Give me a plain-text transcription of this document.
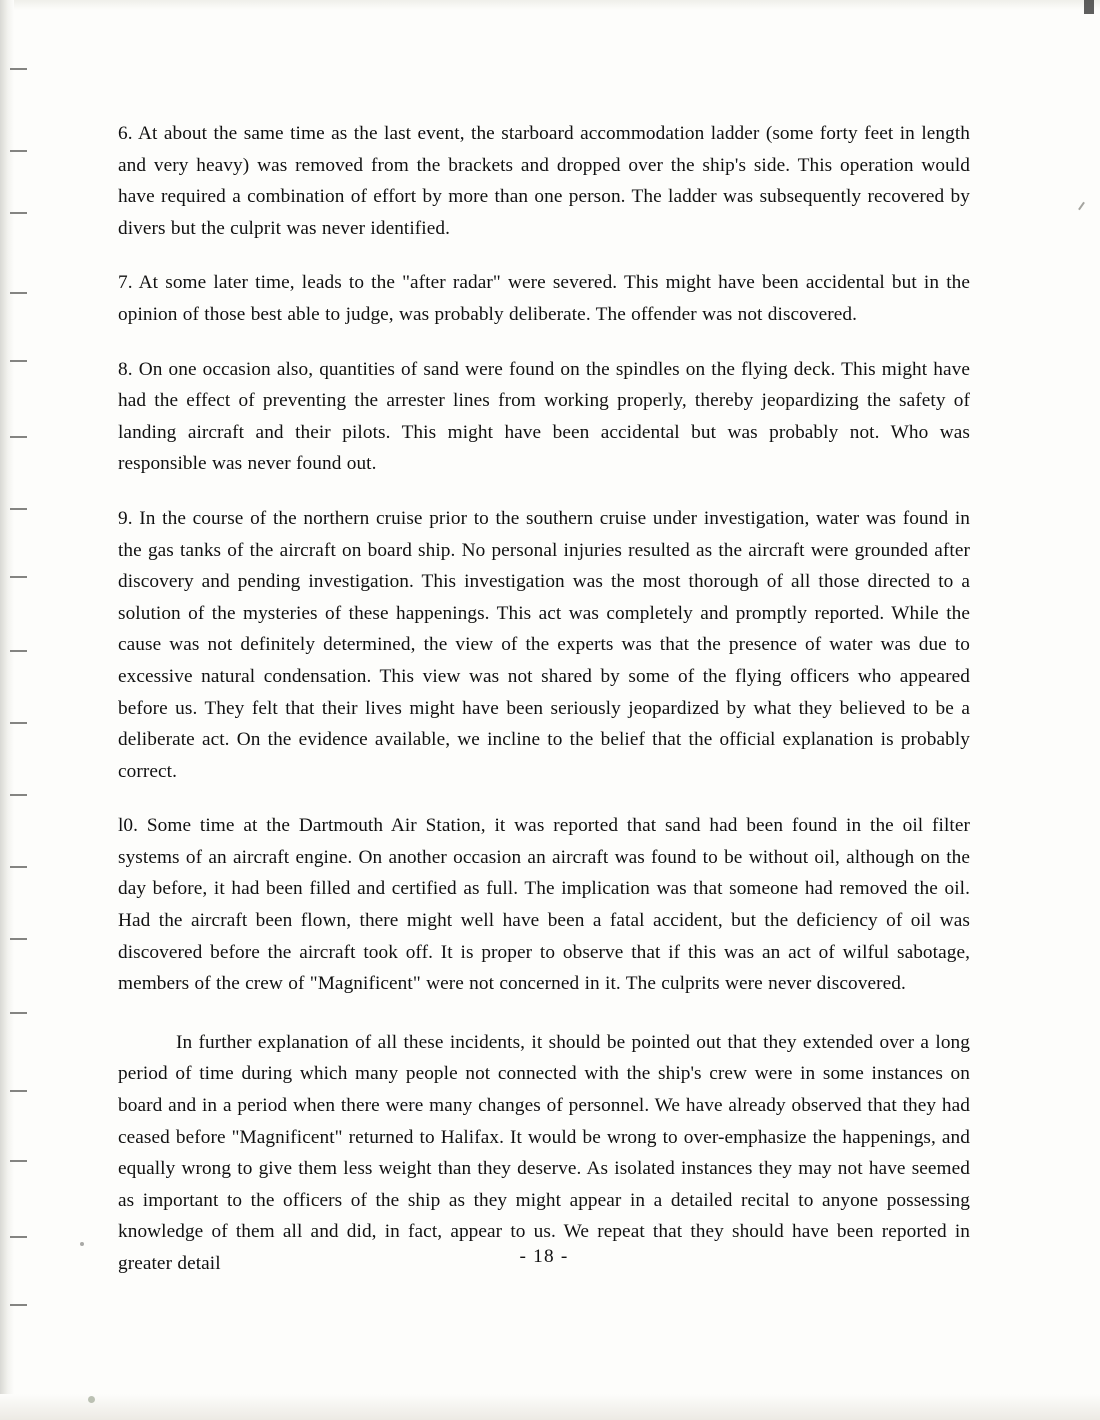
6. At about the same time as the last event, the starboard accommodation ladder (some forty feet in length and very heavy) was removed from the brackets and dropped over the ship's side. This operation would have required a combination of effort by more than one person. The ladder was subsequently recovered by divers but the culprit was never identified.

7. At some later time, leads to the "after radar" were severed. This might have been accidental but in the opinion of those best able to judge, was probably deliberate. The offender was not discovered.

8. On one occasion also, quantities of sand were found on the spindles on the flying deck. This might have had the effect of preventing the arrester lines from working properly, thereby jeopardizing the safety of landing aircraft and their pilots. This might have been accidental but was probably not. Who was responsible was never found out.

9. In the course of the northern cruise prior to the southern cruise under investigation, water was found in the gas tanks of the aircraft on board ship. No personal injuries resulted as the aircraft were grounded after discovery and pending investigation. This investigation was the most thorough of all those directed to a solution of the mysteries of these happenings. This act was completely and promptly reported. While the cause was not definitely determined, the view of the experts was that the presence of water was due to excessive natural condensation. This view was not shared by some of the flying officers who appeared before us. They felt that their lives might have been seriously jeopardized by what they believed to be a deliberate act. On the evidence available, we incline to the belief that the official explanation is probably correct.

l0. Some time at the Dartmouth Air Station, it was reported that sand had been found in the oil filter systems of an aircraft engine. On another occasion an aircraft was found to be without oil, although on the day before, it had been filled and certified as full. The implication was that someone had removed the oil. Had the aircraft been flown, there might well have been a fatal accident, but the deficiency of oil was discovered before the aircraft took off. It is proper to observe that if this was an act of wilful sabotage, members of the crew of "Magnificent" were not concerned in it. The culprits were never discovered.

In further explanation of all these incidents, it should be pointed out that they extended over a long period of time during which many people not connected with the ship's crew were in some instances on board and in a period when there were many changes of personnel. We have already observed that they had ceased before "Magnificent" returned to Halifax. It would be wrong to over-emphasize the happenings, and equally wrong to give them less weight than they deserve. As isolated instances they may not have seemed as important to the officers of the ship as they might appear in a detailed recital to anyone possessing knowledge of them all and did, in fact, appear to us. We repeat that they should have been reported in greater detail	- 18 -
